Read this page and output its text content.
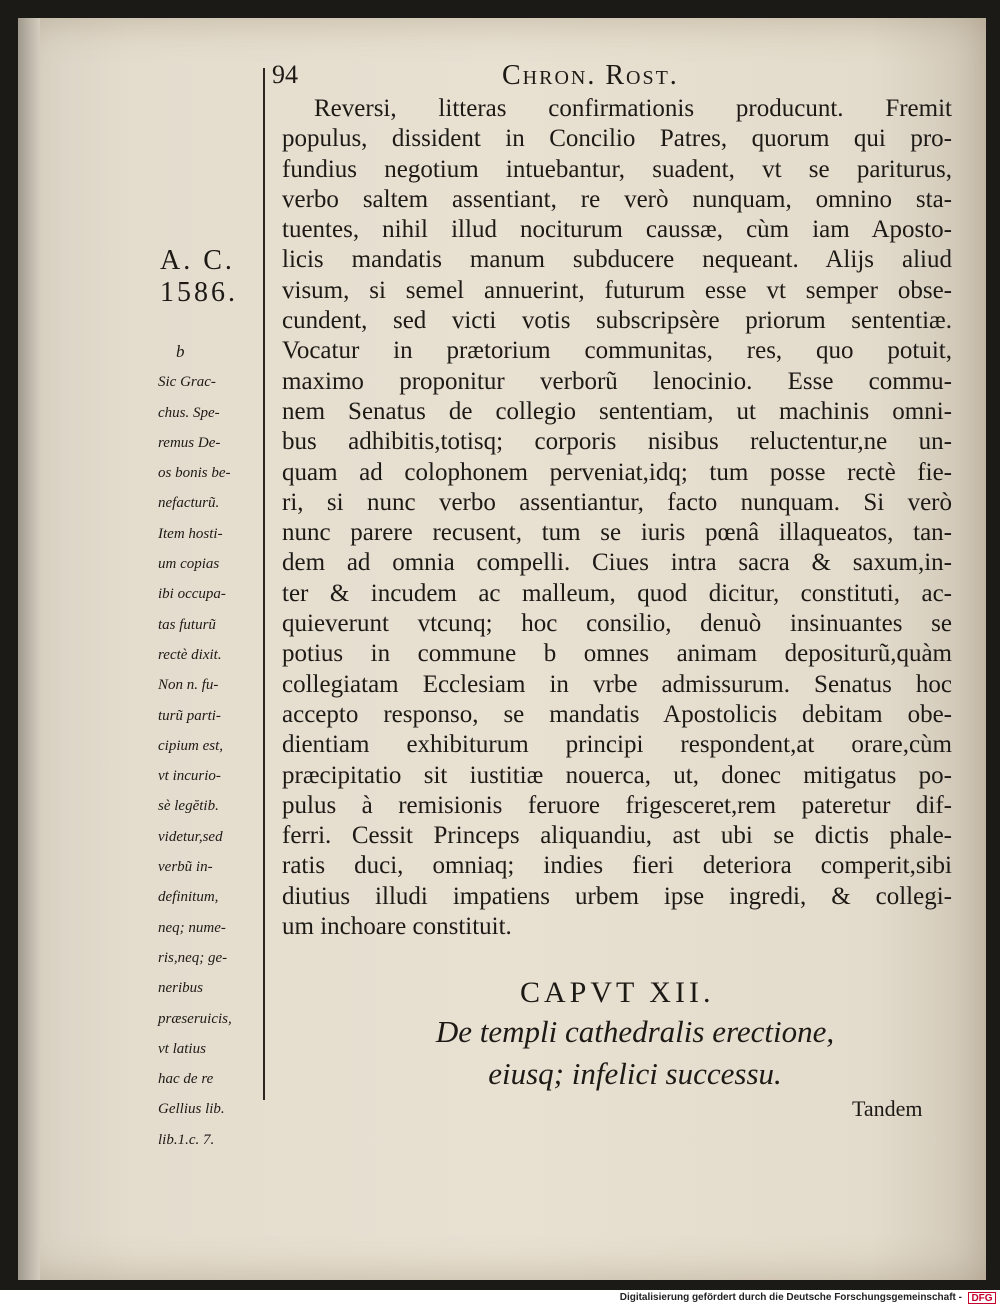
94	Chron. Rost.
A. C.
1586.
b
Sic Grac-
chus. Spe-
remus De-
os bonis be-
nefacturũ.
Item hosti-
um copias
ibi occupa-
tas futurũ
rectè dixit.
Non n. fu-
turũ parti-
cipium est,
vt incurio-
sè legĕtib.
videtur,sed
verbũ in-
definitum,
neq; nume-
ris,neq; ge-
neribus
præseruicis,
vt latius
hac de re
Gellius lib.
lib.1.c. 7.
Reversi, litteras confirmationis producunt. Fremit
populus, dissident in Concilio Patres, quorum qui pro-
fundius negotium intuebantur, suadent, vt se pariturus,
verbo saltem assentiant, re verò nunquam, omnino sta-
tuentes, nihil illud nociturum caussæ, cùm iam Aposto-
licis mandatis manum subducere nequeant. Alijs aliud
visum, si semel annuerint, futurum esse vt semper obse-
cundent, sed victi votis subscripsère priorum sententiæ.
Vocatur in prætorium communitas, res, quo potuit,
maximo proponitur verborũ lenocinio. Esse commu-
nem Senatus de collegio sententiam, ut machinis omni-
bus adhibitis,totisq; corporis nisibus reluctentur,ne un-
quam ad colophonem perveniat,idq; tum posse rectè fie-
ri, si nunc verbo assentiantur, facto nunquam. Si verò
nunc parere recusent, tum se iuris pœnâ illaqueatos, tan-
dem ad omnia compelli. Ciues intra sacra & saxum,in-
ter & incudem ac malleum, quod dicitur, constituti, ac-
quieverunt vtcunq; hoc consilio, denuò insinuantes se
potius in commune b omnes animam depositurũ,quàm
collegiatam Ecclesiam in vrbe admissurum. Senatus hoc
accepto responso, se mandatis Apostolicis debitam obe-
dientiam exhibiturum principi respondent,at orare,cùm
præcipitatio sit iustitiæ nouerca, ut, donec mitigatus po-
pulus à remisionis feruore frigesceret,rem pateretur dif-
ferri. Cessit Princeps aliquandiu, ast ubi se dictis phale-
ratis duci, omniaq; indies fieri deteriora comperit,sibi
diutius illudi impatiens urbem ipse ingredi, & collegi-
um inchoare constituit.
CAPVT XII.
De templi cathedralis erectione,
eiusq; infelici successu.
Tandem
Digitalisierung gefördert durch die Deutsche Forschungsgemeinschaft - DFG
